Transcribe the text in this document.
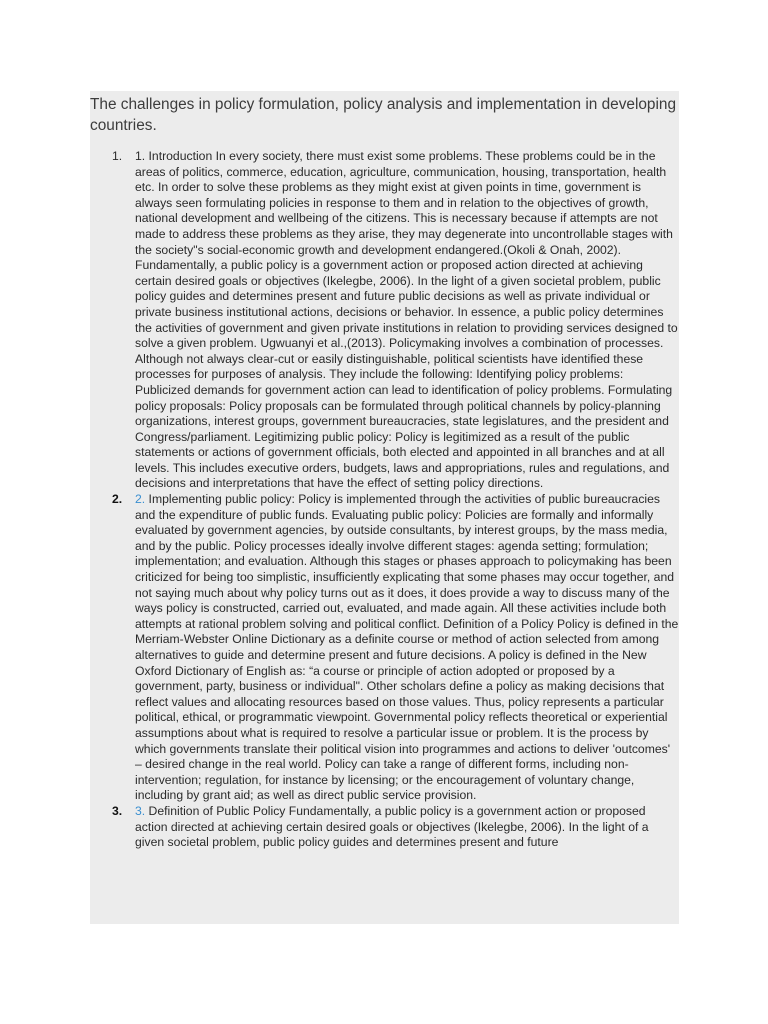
The challenges in policy formulation, policy analysis and implementation in developing countries.
1. 1. Introduction In every society, there must exist some problems. These problems could be in the areas of politics, commerce, education, agriculture, communication, housing, transportation, health etc. In order to solve these problems as they might exist at given points in time, government is always seen formulating policies in response to them and in relation to the objectives of growth, national development and wellbeing of the citizens. This is necessary because if attempts are not made to address these problems as they arise, they may degenerate into uncontrollable stages with the society"s social-economic growth and development endangered.(Okoli & Onah, 2002). Fundamentally, a public policy is a government action or proposed action directed at achieving certain desired goals or objectives (Ikelegbe, 2006). In the light of a given societal problem, public policy guides and determines present and future public decisions as well as private individual or private business institutional actions, decisions or behavior. In essence, a public policy determines the activities of government and given private institutions in relation to providing services designed to solve a given problem. Ugwuanyi et al.,(2013). Policymaking involves a combination of processes. Although not always clear-cut or easily distinguishable, political scientists have identified these processes for purposes of analysis. They include the following: Identifying policy problems: Publicized demands for government action can lead to identification of policy problems. Formulating policy proposals: Policy proposals can be formulated through political channels by policy-planning organizations, interest groups, government bureaucracies, state legislatures, and the president and Congress/parliament. Legitimizing public policy: Policy is legitimized as a result of the public statements or actions of government officials, both elected and appointed in all branches and at all levels. This includes executive orders, budgets, laws and appropriations, rules and regulations, and decisions and interpretations that have the effect of setting policy directions.
2. 2. Implementing public policy: Policy is implemented through the activities of public bureaucracies and the expenditure of public funds. Evaluating public policy: Policies are formally and informally evaluated by government agencies, by outside consultants, by interest groups, by the mass media, and by the public. Policy processes ideally involve different stages: agenda setting; formulation; implementation; and evaluation. Although this stages or phases approach to policymaking has been criticized for being too simplistic, insufficiently explicating that some phases may occur together, and not saying much about why policy turns out as it does, it does provide a way to discuss many of the ways policy is constructed, carried out, evaluated, and made again. All these activities include both attempts at rational problem solving and political conflict. Definition of a Policy Policy is defined in the Merriam-Webster Online Dictionary as a definite course or method of action selected from among alternatives to guide and determine present and future decisions. A policy is defined in the New Oxford Dictionary of English as: “a course or principle of action adopted or proposed by a government, party, business or individual". Other scholars define a policy as making decisions that reflect values and allocating resources based on those values. Thus, policy represents a particular political, ethical, or programmatic viewpoint. Governmental policy reflects theoretical or experiential assumptions about what is required to resolve a particular issue or problem. It is the process by which governments translate their political vision into programmes and actions to deliver 'outcomes' – desired change in the real world. Policy can take a range of different forms, including non-intervention; regulation, for instance by licensing; or the encouragement of voluntary change, including by grant aid; as well as direct public service provision.
3. 3. Definition of Public Policy Fundamentally, a public policy is a government action or proposed action directed at achieving certain desired goals or objectives (Ikelegbe, 2006). In the light of a given societal problem, public policy guides and determines present and future
